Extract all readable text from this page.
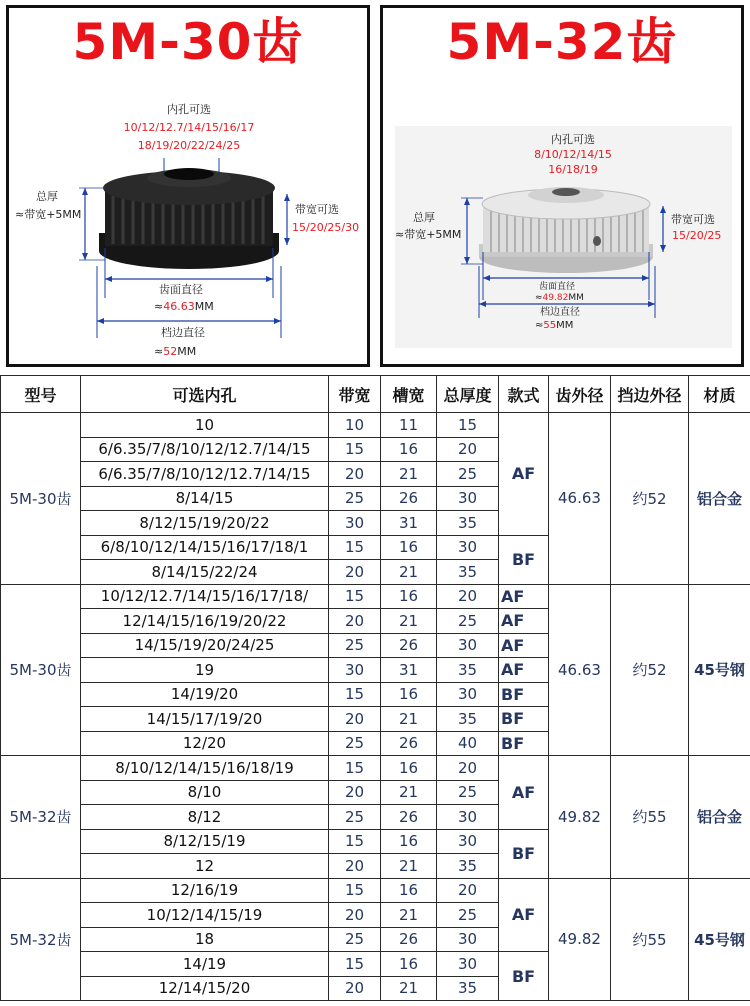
5M-30齿
内孔可选
10/12/12.7/14/15/16/17
18/19/20/22/24/25
总厚
≈带宽+5MM	带宽可选
15/20/25/30
齿面直径
≈46.63MM
档边直径
≈52MM
5M-32齿
内孔可选
8/10/12/14/15
16/18/19
总厚
≈带宽+5MM
带宽可选
15/20/25
齿面直径
≈49.82MM
档边直径
≈55MM
型号	可选内孔	带宽	槽宽	总厚度	款式	齿外径	挡边外径	材质
5M-30齿	10	10	11	15	AF	46.63	约52	铝合金
	6/6.35/7/8/10/12/12.7/14/15	15	16	20				
	6/6.35/7/8/10/12/12.7/14/15	20	21	25				
	8/14/15	25	26	30				
	8/12/15/19/20/22	30	31	35				
	6/8/10/12/14/15/16/17/18/1	15	16	30	BF			
	8/14/15/22/24	20	21	35				
5M-30齿	10/12/12.7/14/15/16/17/18/	15	16	20	AF	46.63	约52	45号钢
	12/14/15/16/19/20/22	20	21	25	AF			
	14/15/19/20/24/25	25	26	30	AF			
	19	30	31	35	AF			
	14/19/20	15	16	30	BF			
	14/15/17/19/20	20	21	35	BF			
	12/20	25	26	40	BF			
5M-32齿	8/10/12/14/15/16/18/19	15	16	20	AF	49.82	约55	铝合金
	8/10	20	21	25				
	8/12	25	26	30				
	8/12/15/19	15	16	30	BF			
	12	20	21	35				
5M-32齿	12/16/19	15	16	20	AF	49.82	约55	45号钢
	10/12/14/15/19	20	21	25				
	18	25	26	30				
	14/19	15	16	30	BF			
	12/14/15/20	20	21	35				
